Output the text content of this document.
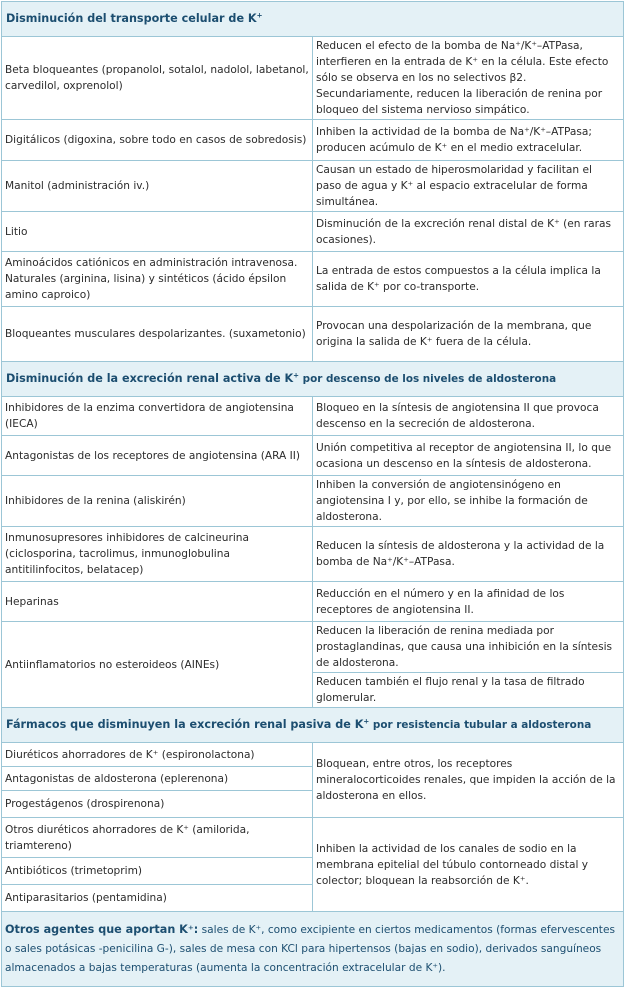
Disminución del transporte celular de K+
Beta bloqueantes (propanolol, sotalol, nadolol, labetanol, carvedilol, oxprenolol)	Reducen el efecto de la bomba de Na⁺/K⁺–ATPasa, interfieren en la entrada de K⁺ en la célula. Este efecto sólo se observa en los no selectivos β2. Secundariamente, reducen la liberación de renina por bloqueo del sistema nervioso simpático.
Digitálicos (digoxina, sobre todo en casos de sobredosis)	Inhiben la actividad de la bomba de Na⁺/K⁺–ATPasa; producen acúmulo de K⁺ en el medio extracelular.
Manitol (administración iv.)	Causan un estado de hiperosmolaridad y facilitan el paso de agua y K⁺ al espacio extracelular de forma simultánea.
Litio	Disminución de la excreción renal distal de K⁺ (en raras ocasiones).
Aminoácidos catiónicos en administración intravenosa. Naturales (arginina, lisina) y sintéticos (ácido épsilon amino caproico)	La entrada de estos compuestos a la célula implica la salida de K⁺ por co-transporte.
Bloqueantes musculares despolarizantes. (suxametonio)	Provocan una despolarización de la membrana, que origina la salida de K⁺ fuera de la célula.
Disminución de la excreción renal activa de K+ por descenso de los niveles de aldosterona	
Inhibidores de la enzima convertidora de angiotensina (IECA)	Bloqueo en la síntesis de angiotensina II que provoca descenso en la secreción de aldosterona.
Antagonistas de los receptores de angiotensina (ARA II)	Unión competitiva al receptor de angiotensina II, lo que ocasiona un descenso en la síntesis de aldosterona.
Inhibidores de la renina (aliskirén)	Inhiben la conversión de angiotensinógeno en angiotensina I y, por ello, se inhibe la formación de aldosterona.
Inmunosupresores inhibidores de calcineurina (ciclosporina, tacrolimus, inmunoglobulina antitilinfocitos, belatacep)	Reducen la síntesis de aldosterona y la actividad de la bomba de Na⁺/K⁺–ATPasa.
Heparinas	Reducción en el número y en la afinidad de los receptores de angiotensina II.
Antiinflamatorios no esteroideos (AINEs)	Reducen la liberación de renina mediada por prostaglandinas, que causa una inhibición en la síntesis de aldosterona.
	Reducen también el flujo renal y la tasa de filtrado glomerular.
Fármacos que disminuyen la excreción renal pasiva de K+ por resistencia tubular a aldosterona	
Diuréticos ahorradores de K⁺ (espironolactona)	Bloquean, entre otros, los receptores mineralocorticoides renales, que impiden la acción de la aldosterona en ellos.
Antagonistas de aldosterona (eplerenona)	
Progestágenos (drospirenona)	
Otros diuréticos ahorradores de K⁺ (amilorida, triamtereno)	Inhiben la actividad de los canales de sodio en la membrana epitelial del túbulo contorneado distal y colector; bloquean la reabsorción de K⁺.
Antibióticos (trimetoprim)	
Antiparasitarios (pentamidina)	
Otros agentes que aportan K⁺: sales de K⁺, como excipiente en ciertos medicamentos (formas efervescentes o sales potásicas -penicilina G-), sales de mesa con KCl para hipertensos (bajas en sodio), derivados sanguíneos almacenados a bajas temperaturas (aumenta la concentración extracelular de K⁺).	
